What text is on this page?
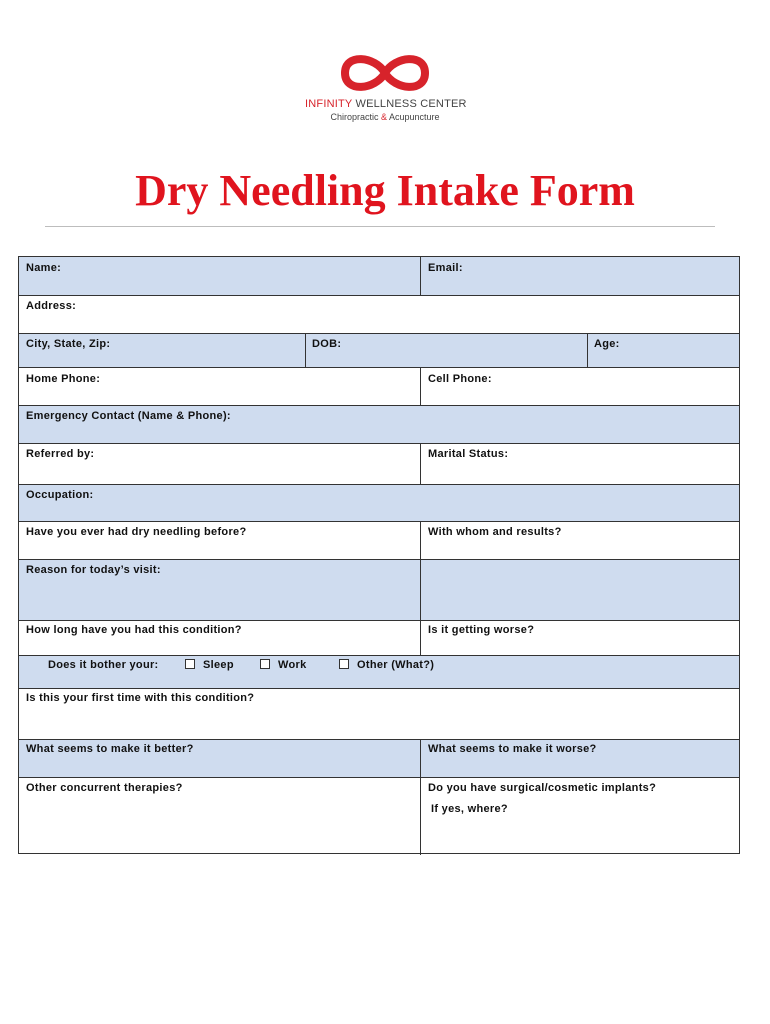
INFINITY WELLNESS CENTER
Chiropractic & Acupuncture
Dry Needling Intake Form
Name:	Email:
Address:
City, State, Zip:	DOB:	Age:
Home Phone:	Cell Phone:
Emergency Contact (Name & Phone):
Referred by:	Marital Status:
Occupation:
Have you ever had dry needling before?	With whom and results?
Reason for today’s visit:
How long have you had this condition?	Is it getting worse?
Does it bother your:	Sleep	Work	Other (What?)
Is this your first time with this condition?
What seems to make it better?	What seems to make it worse?
Other concurrent therapies?	Do you have surgical/cosmetic implants?
If yes, where?
